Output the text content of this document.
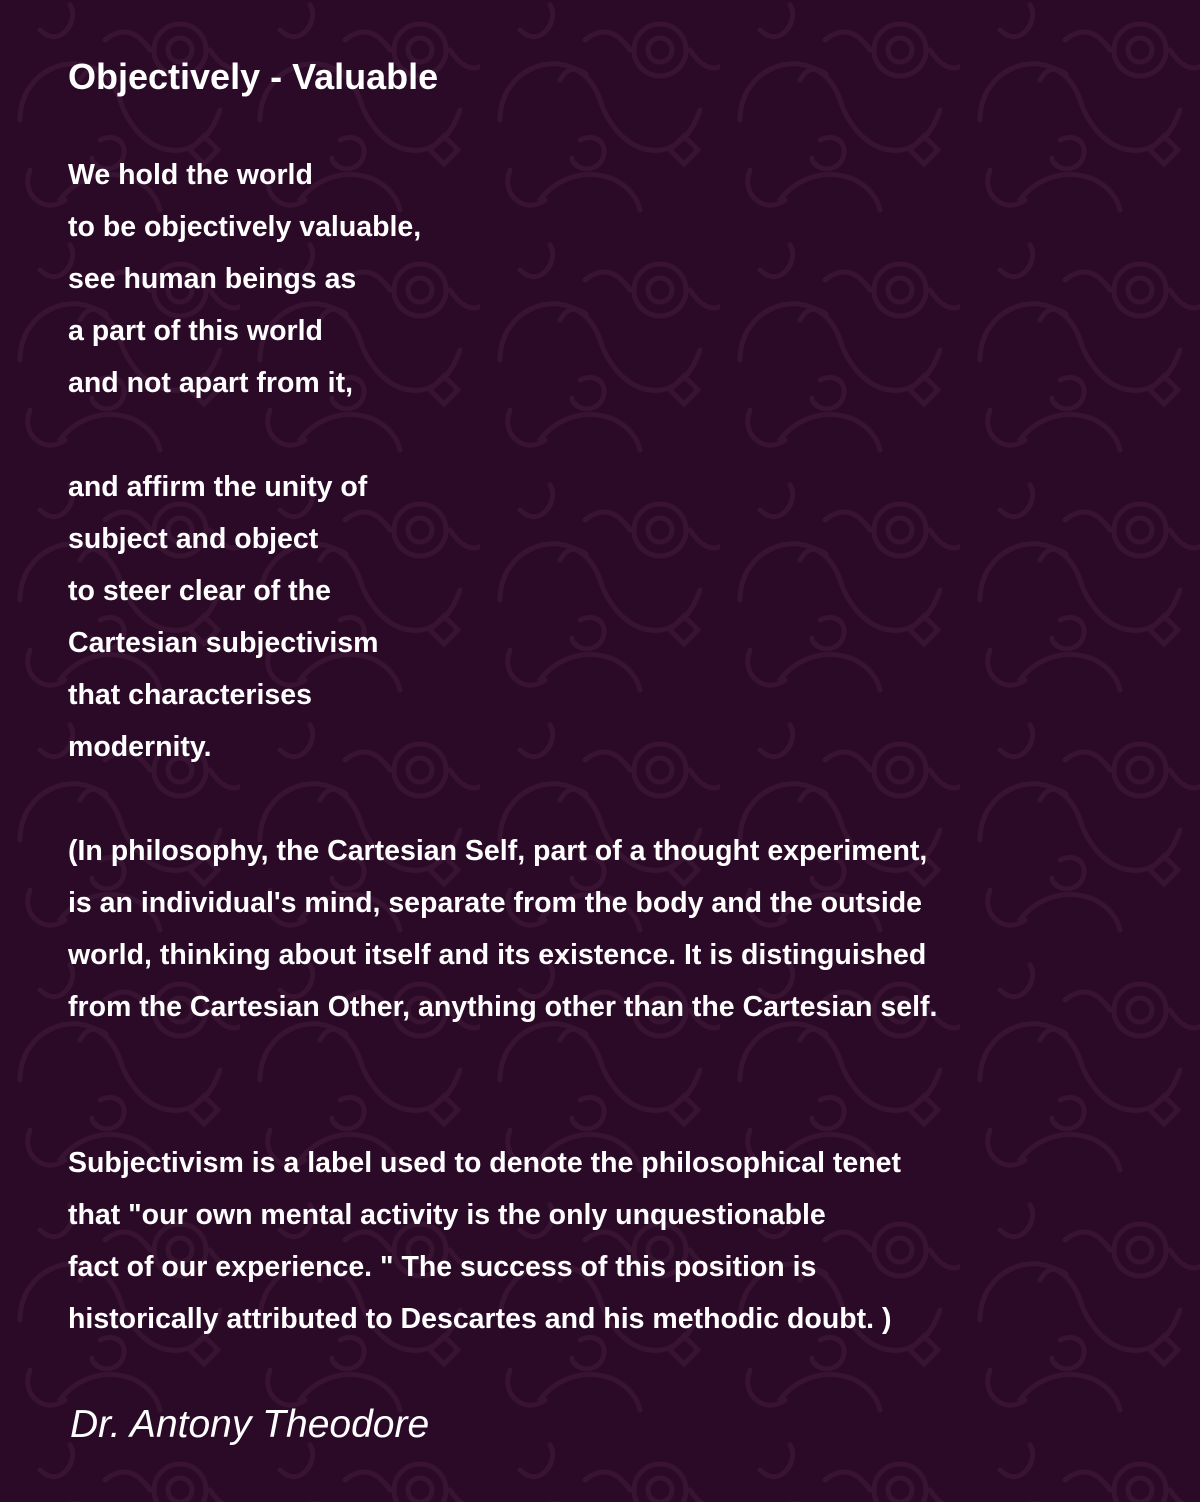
Objectively - Valuable

We hold the world

to be objectively valuable,

see human beings as

a part of this world

and not apart from it,

and affirm the unity of

subject and object

to steer clear of the

Cartesian subjectivism

that characterises

modernity.

(In philosophy, the Cartesian Self, part of a thought experiment,

is an individual's mind, separate from the body and the outside

world, thinking about itself and its existence. It is distinguished

from the Cartesian Other, anything other than the Cartesian self.

Subjectivism is a label used to denote the philosophical tenet

that "our own mental activity is the only unquestionable

fact of our experience. " The success of this position is

historically attributed to Descartes and his methodic doubt. )

Dr. Antony Theodore
